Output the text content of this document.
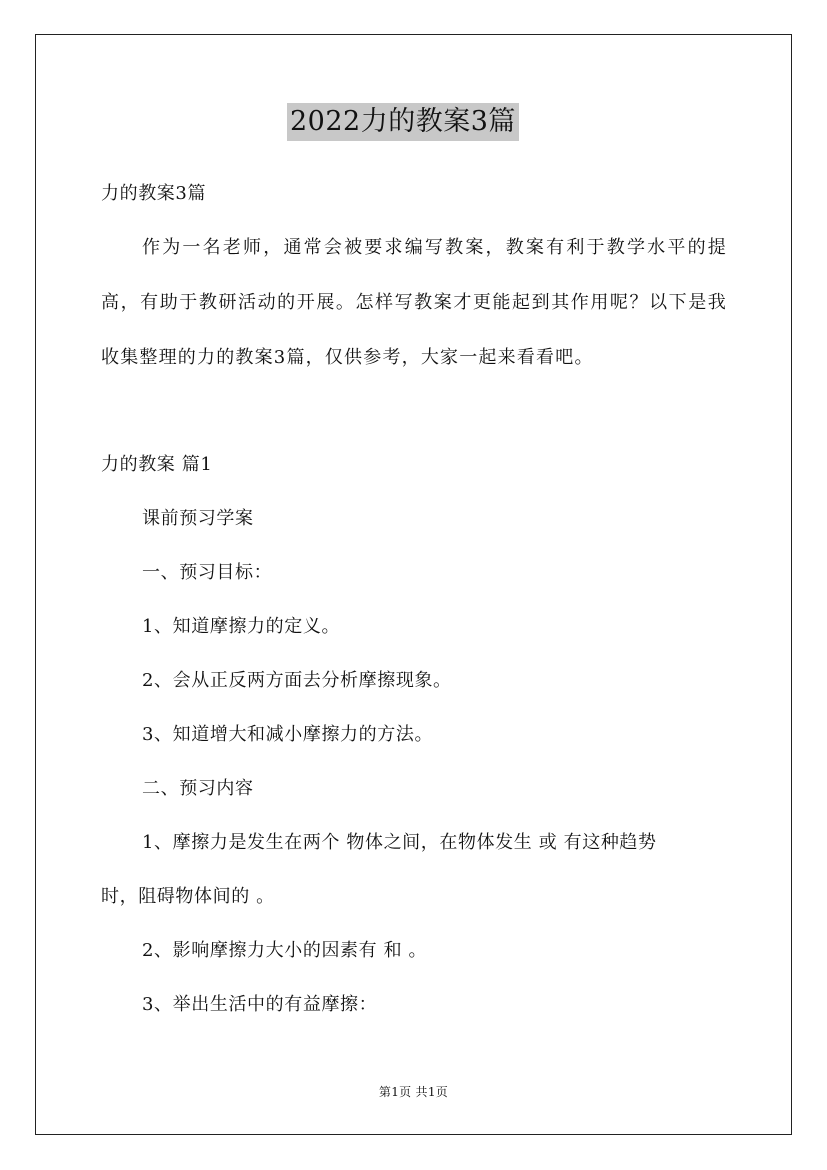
2022力的教案3篇
力的教案3篇
作为一名老师，通常会被要求编写教案，教案有利于教学水平的提高，有助于教研活动的开展。怎样写教案才更能起到其作用呢？以下是我收集整理的力的教案3篇，仅供参考，大家一起来看看吧。
力的教案 篇1
课前预习学案
一、预习目标：
1、知道摩擦力的定义。
2、会从正反两方面去分析摩擦现象。
3、知道增大和减小摩擦力的方法。
二、预习内容
1、摩擦力是发生在两个 物体之间，在物体发生 或 有这种趋势
时，阻碍物体间的 。
2、影响摩擦力大小的因素有 和 。
3、举出生活中的有益摩擦：
第1页 共1页
